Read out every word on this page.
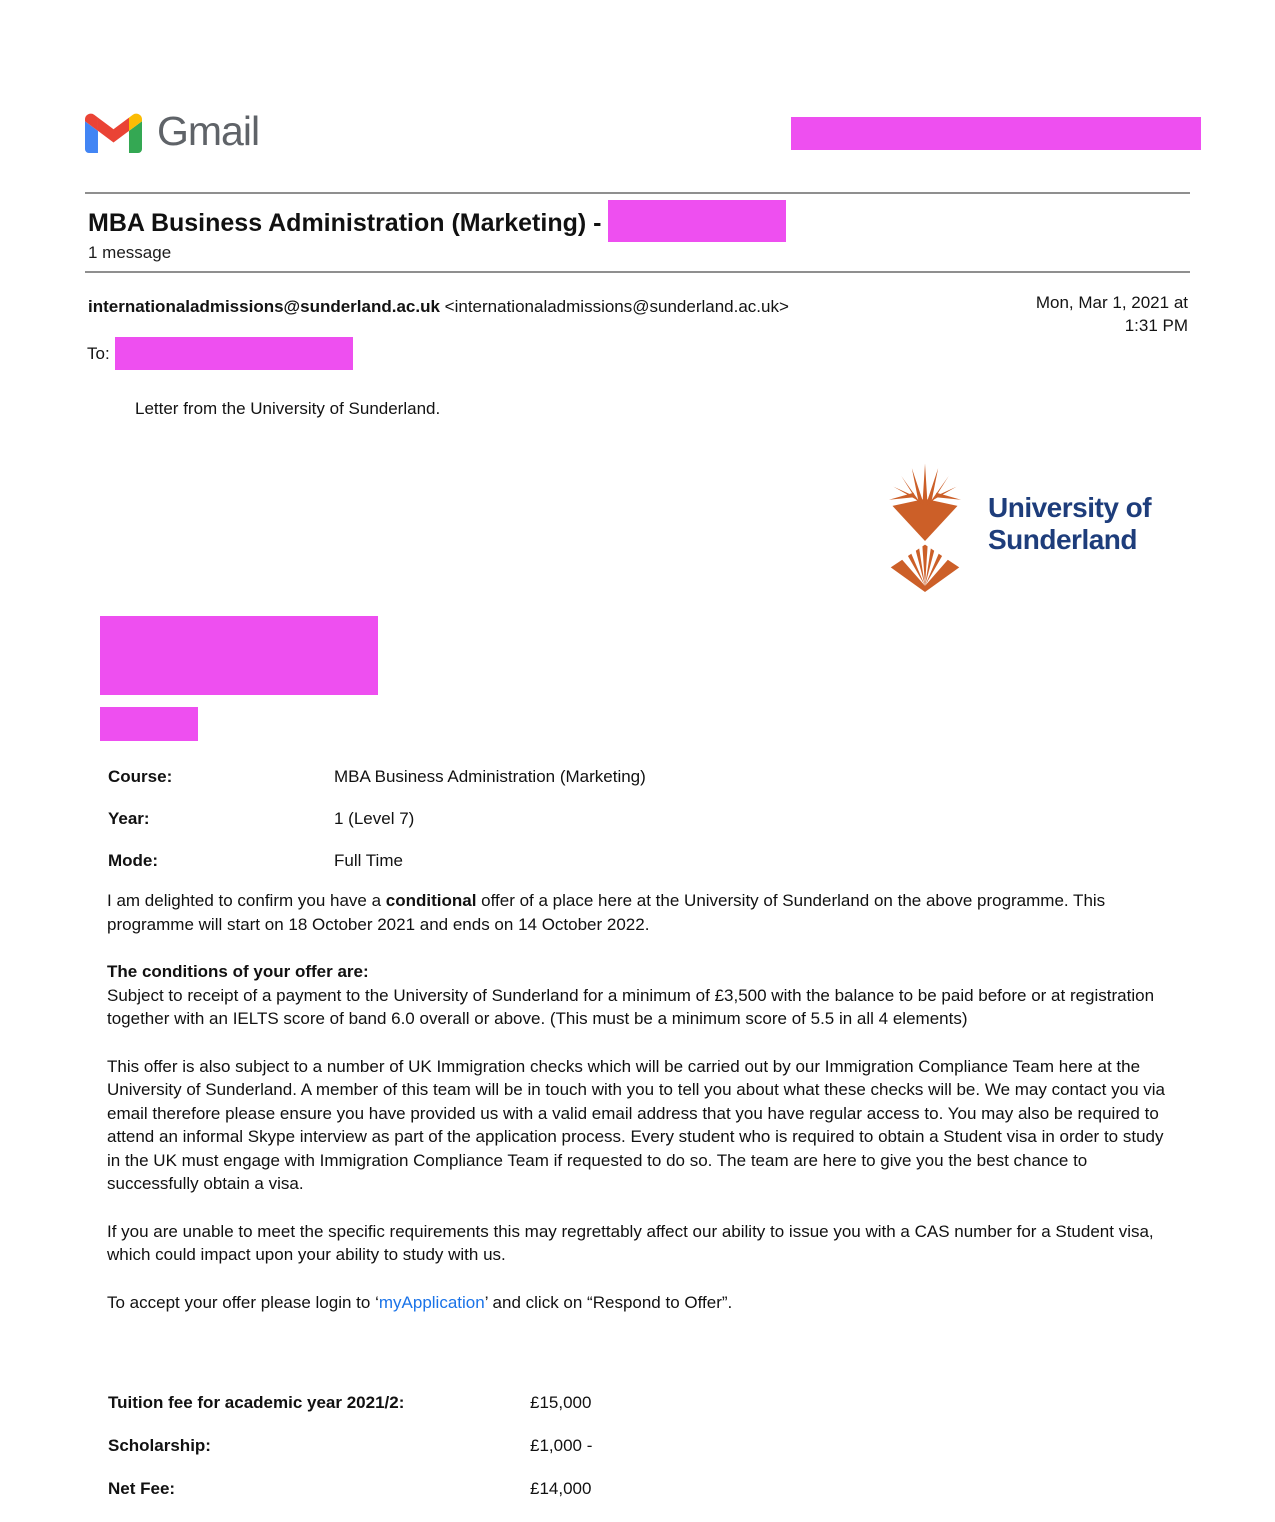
Gmail
MBA Business Administration (Marketing) -
1 message
internationaladmissions@sunderland.ac.uk <internationaladmissions@sunderland.ac.uk>	Mon, Mar 1, 2021 at
1:31 PM
To:
Letter from the University of Sunderland.
University of
Sunderland
Course:	MBA Business Administration (Marketing)
Year:	1 (Level 7)
Mode:	Full Time

I am delighted to confirm you have a conditional offer of a place here at the University of Sunderland on the above programme. This programme will start on 18 October 2021 and ends on 14 October 2022.

The conditions of your offer are:
Subject to receipt of a payment to the University of Sunderland for a minimum of £3,500 with the balance to be paid before or at registration together with an IELTS score of band 6.0 overall or above. (This must be a minimum score of 5.5 in all 4 elements)

This offer is also subject to a number of UK Immigration checks which will be carried out by our Immigration Compliance Team here at the University of Sunderland. A member of this team will be in touch with you to tell you about what these checks will be. We may contact you via email therefore please ensure you have provided us with a valid email address that you have regular access to. You may also be required to attend an informal Skype interview as part of the application process. Every student who is required to obtain a Student visa in order to study in the UK must engage with Immigration Compliance Team if requested to do so. The team are here to give you the best chance to successfully obtain a visa.

If you are unable to meet the specific requirements this may regrettably affect our ability to issue you with a CAS number for a Student visa, which could impact upon your ability to study with us.

To accept your offer please login to ‘myApplication’ and click on “Respond to Offer”.

Tuition fee for academic year 2021/2:	£15,000
Scholarship:	£1,000 -
Net Fee:	£14,000
